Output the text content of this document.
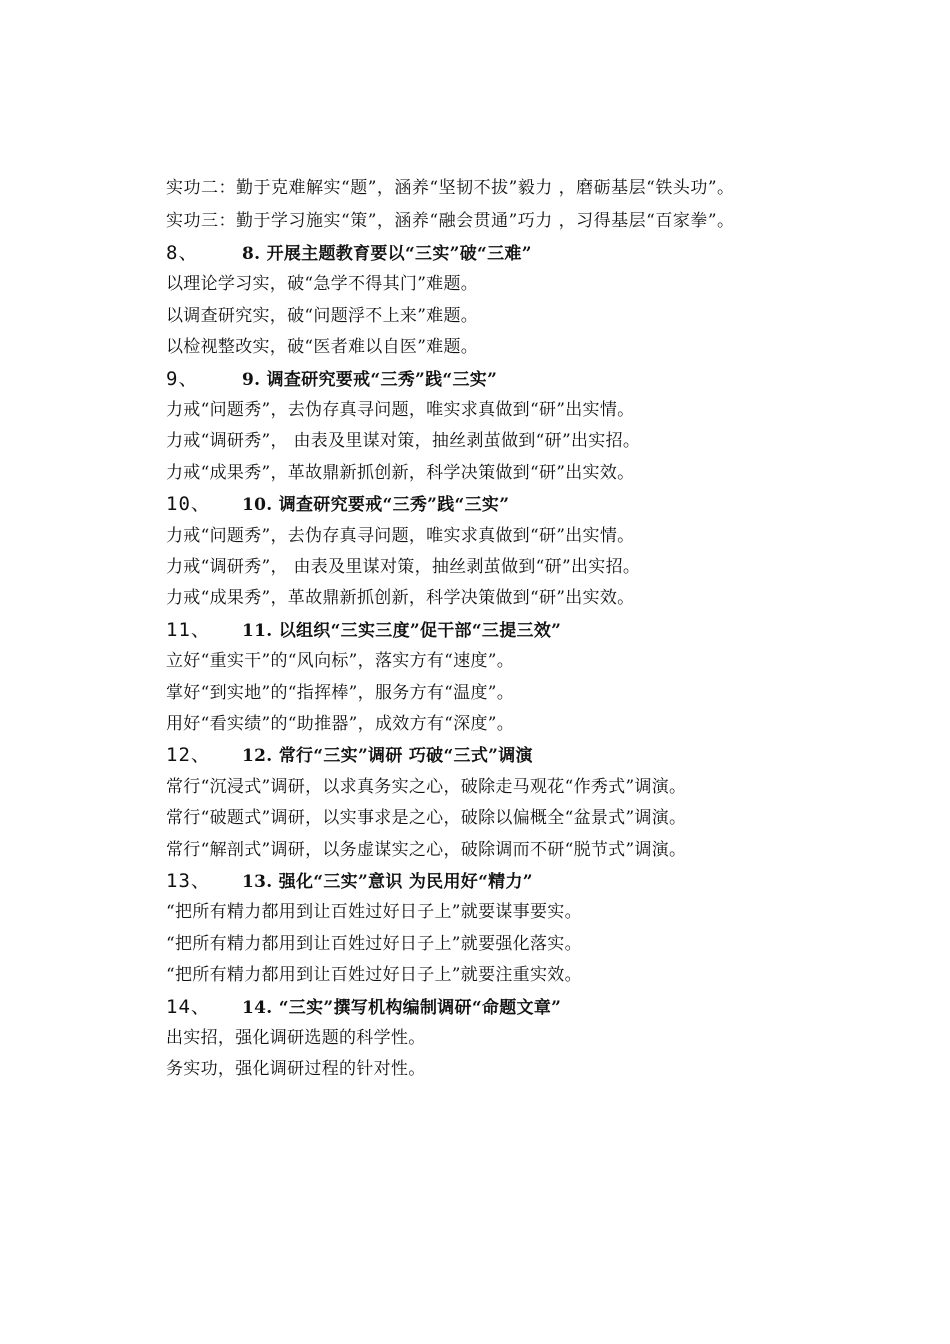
实功二：勤于克难解实“题”，涵养“坚韧不拔”毅力 ，磨砺基层“铁头功”。

实功三：勤于学习施实“策”，涵养“融会贯通”巧力 ，习得基层“百家拳”。

8、	8. 开展主题教育要以“三实”破“三难”

以理论学习实，破“急学不得其门”难题。

以调查研究实，破“问题浮不上来”难题。

以检视整改实，破“医者难以自医”难题。

9、	9. 调查研究要戒“三秀”践“三实”

力戒“问题秀”，去伪存真寻问题，唯实求真做到“研”出实情。

力戒“调研秀”， 由表及里谋对策，抽丝剥茧做到“研”出实招。

力戒“成果秀”，革故鼎新抓创新，科学决策做到“研”出实效。

10、 10. 调查研究要戒“三秀”践“三实”

力戒“问题秀”，去伪存真寻问题，唯实求真做到“研”出实情。

力戒“调研秀”， 由表及里谋对策，抽丝剥茧做到“研”出实招。

力戒“成果秀”，革故鼎新抓创新，科学决策做到“研”出实效。

11、 11. 以组织“三实三度”促干部“三提三效”

立好“重实干”的“风向标”，落实方有“速度”。

掌好“到实地”的“指挥棒”，服务方有“温度”。

用好“看实绩”的“助推器”，成效方有“深度”。

12、 12. 常行“三实”调研 巧破“三式”调演

常行“沉浸式”调研，以求真务实之心，破除走马观花“作秀式”调演。

常行“破题式”调研，以实事求是之心，破除以偏概全“盆景式”调演。

常行“解剖式”调研，以务虚谋实之心，破除调而不研“脱节式”调演。

13、 13. 强化“三实”意识 为民用好“精力”

“把所有精力都用到让百姓过好日子上”就要谋事要实。

“把所有精力都用到让百姓过好日子上”就要强化落实。

“把所有精力都用到让百姓过好日子上”就要注重实效。

14、 14. “三实”撰写机构编制调研“命题文章”

出实招，强化调研选题的科学性。

务实功，强化调研过程的针对性。
